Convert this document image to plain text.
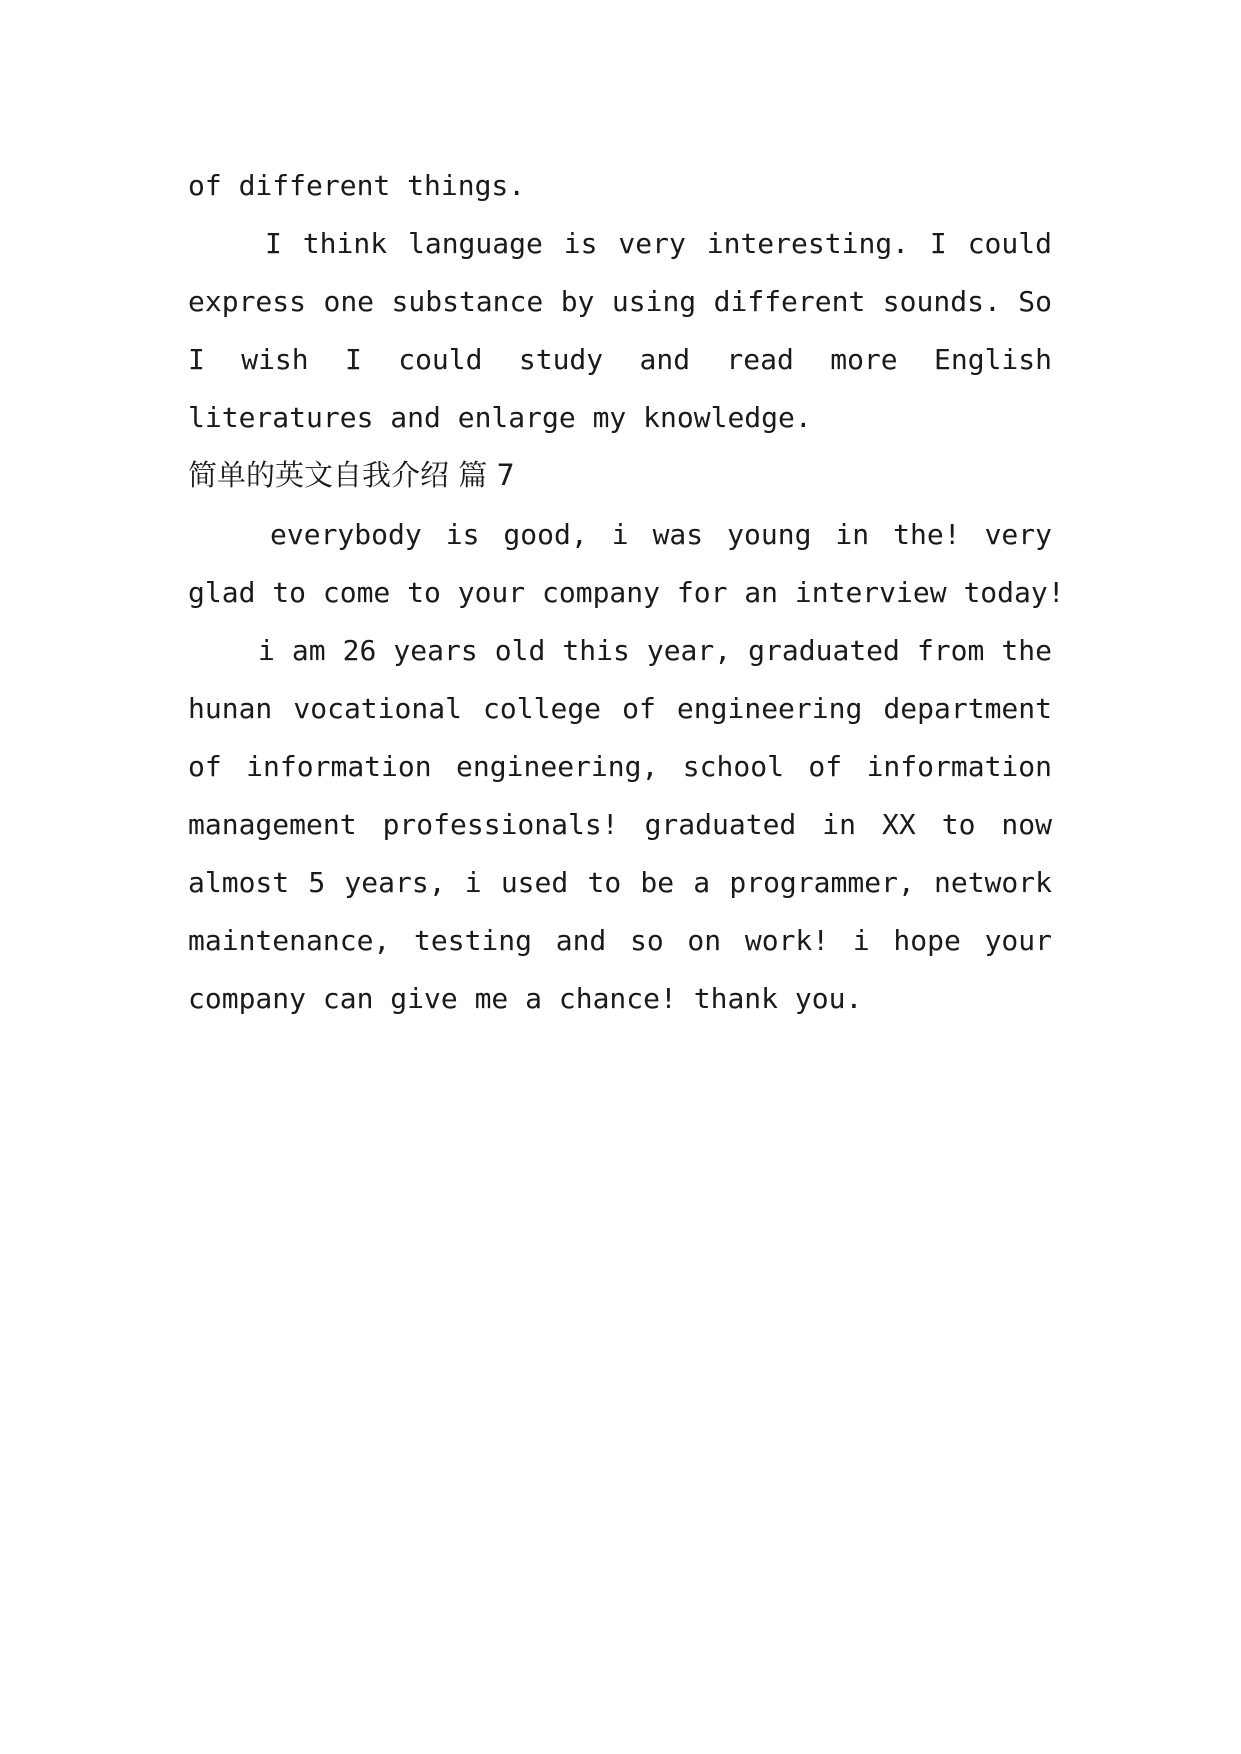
of different things.
I think language is very interesting. I could
express one substance by using different sounds. So
I wish I could study and read more English
literatures and enlarge my knowledge.
简单的英文自我介绍 篇 7
everybody is good, i was young in the! very
glad to come to your company for an interview today!
i am 26 years old this year, graduated from the
hunan vocational college of engineering department
of information engineering, school of information
management professionals! graduated in XX to now
almost 5 years, i used to be a programmer, network
maintenance, testing and so on work! i hope your
company can give me a chance! thank you.
